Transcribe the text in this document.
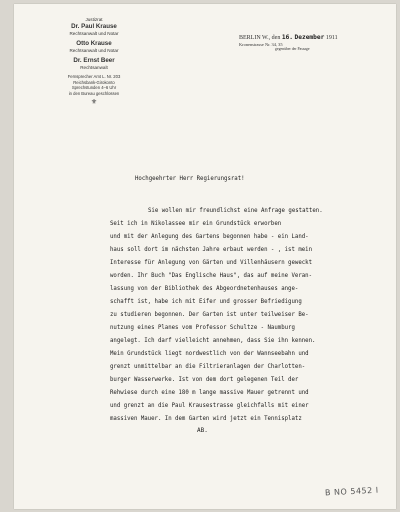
Justizrat
Dr. Paul Krause
Rechtsanwalt und Notar
Otto Krause
Rechtsanwalt und Notar
Dr. Ernst Beer
Rechtsanwalt
Fernsprecher Amt L. Nr. 203
Reichsbank-Girokonto
Sprechstunden 4–6 Uhr
in den Bureau geschlossen
⚜
BERLIN W., den 16. Dezember 1911
Kronenstrasse Nr. 34, 35
gegenüber der Passage
Hochgeehrter Herr Regierungsrat!
Sie wollen mir freundlichst eine Anfrage gestatten.
Seit ich in Nikolassee mir ein Grundstück erworben
und mit der Anlegung des Gartens begonnen habe - ein Land-
haus soll dort im nächsten Jahre erbaut werden - , ist mein
Interesse für Anlegung von Gärten und Villenhäusern geweckt
worden. Ihr Buch "Das Englische Haus", das auf meine Veran-
lassung von der Bibliothek des Abgeordnetenhauses ange-
schafft ist, habe ich mit Eifer und grosser Befriedigung
zu studieren begonnen. Der Garten ist unter teilweiser Be-
nutzung eines Planes vom Professor Schultze - Naumburg
angelegt. Ich darf vielleicht annehmen, dass Sie ihn kennen.
Mein Grundstück liegt nordwestlich von der Wannseebahn und
grenzt unmittelbar an die Filtrieranlagen der Charlotten-
burger Wasserwerke. Ist von dem dort gelegenen Teil der
Rehwiese durch eine 180 m lange massive Mauer getrennt und
und grenzt an die Paul Krausestrasse gleichfalls mit einer
massiven Mauer. In dem Garten wird jetzt ein Tennisplatz
AB.
B NO 5452 I
